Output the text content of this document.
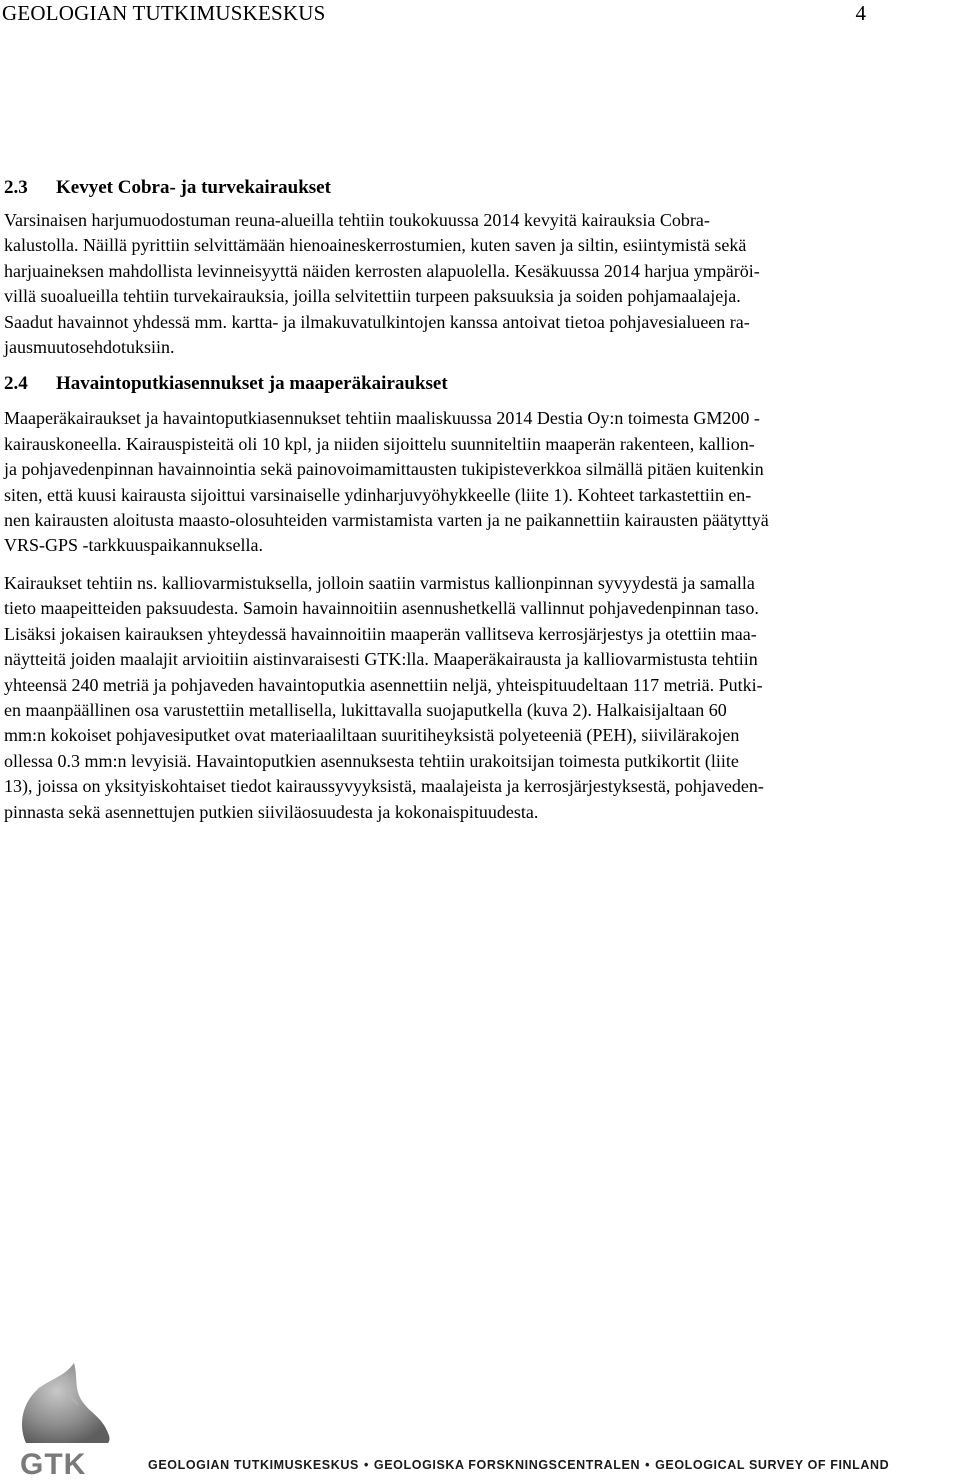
GEOLOGIAN TUTKIMUSKESKUS	4
2.3	Kevyet Cobra- ja turvekairaukset

Varsinaisen harjumuodostuman reuna-alueilla tehtiin toukokuussa 2014 kevyitä kairauksia Cobra-

kalustolla. Näillä pyrittiin selvittämään hienoaineskerrostumien, kuten saven ja siltin, esiintymistä sekä

harjuaineksen mahdollista levinneisyyttä näiden kerrosten alapuolella. Kesäkuussa 2014 harjua ympäröi-

villä suoalueilla tehtiin turvekairauksia, joilla selvitettiin turpeen paksuuksia ja soiden pohjamaalajeja.

Saadut havainnot yhdessä mm. kartta- ja ilmakuvatulkintojen kanssa antoivat tietoa pohjavesialueen ra-

jausmuutosehdotuksiin.

2.4	Havaintoputkiasennukset ja maaperäkairaukset

Maaperäkairaukset ja havaintoputkiasennukset tehtiin maaliskuussa 2014 Destia Oy:n toimesta GM200 -

kairauskoneella. Kairauspisteitä oli 10 kpl, ja niiden sijoittelu suunniteltiin maaperän rakenteen, kallion-

ja pohjavedenpinnan havainnointia sekä painovoimamittausten tukipisteverkkoa silmällä pitäen kuitenkin

siten, että kuusi kairausta sijoittui varsinaiselle ydinharjuvyöhykkeelle (liite 1). Kohteet tarkastettiin en-

nen kairausten aloitusta maasto-olosuhteiden varmistamista varten ja ne paikannettiin kairausten päätyttyä

VRS-GPS -tarkkuuspaikannuksella.

Kairaukset tehtiin ns. kalliovarmistuksella, jolloin saatiin varmistus kallionpinnan syvyydestä ja samalla

tieto maapeitteiden paksuudesta. Samoin havainnoitiin asennushetkellä vallinnut pohjavedenpinnan taso.

Lisäksi jokaisen kairauksen yhteydessä havainnoitiin maaperän vallitseva kerrosjärjestys ja otettiin maa-

näytteitä joiden maalajit arvioitiin aistinvaraisesti GTK:lla. Maaperäkairausta ja kalliovarmistusta tehtiin

yhteensä 240 metriä ja pohjaveden havaintoputkia asennettiin neljä, yhteispituudeltaan 117 metriä. Putki-

en maanpäällinen osa varustettiin metallisella, lukittavalla suojaputkella (kuva 2). Halkaisijaltaan 60

mm:n kokoiset pohjavesiputket ovat materiaaliltaan suuritiheyksistä polyeteeniä (PEH), siivilärakojen

ollessa 0.3 mm:n levyisiä. Havaintoputkien asennuksesta tehtiin urakoitsijan toimesta putkikortit (liite

13), joissa on yksityiskohtaiset tiedot kairaussyvyyksistä, maalajeista ja kerrosjärjestyksestä, pohjaveden-

pinnasta sekä asennettujen putkien siiviläosuudesta ja kokonaispituudesta.

GTK	GEOLOGIAN TUTKIMUSKESKUS • GEOLOGISKA FORSKNINGSCENTRALEN • GEOLOGICAL SURVEY OF FINLAND
